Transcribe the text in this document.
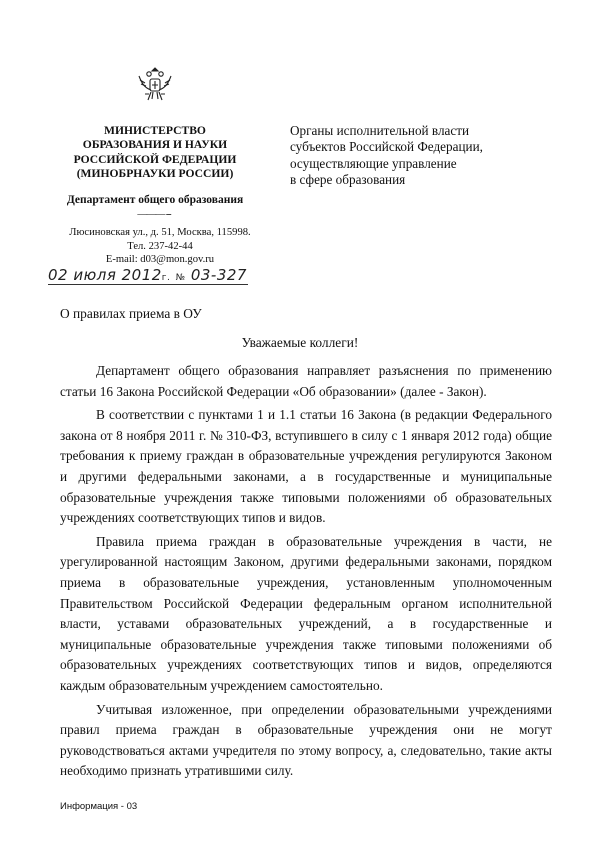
МИНИСТЕРСТВО
ОБРАЗОВАНИЯ И НАУКИ
РОССИЙСКОЙ ФЕДЕРАЦИИ
(МИНОБРНАУКИ РОССИИ)
Департамент общего образования
——— --
Люсиновская ул., д. 51, Москва, 115998.
Тел. 237-42-44
E-mail: d03@mon.gov.ru
02 июля 2012г. № 03-327
Органы исполнительной власти
субъектов Российской Федерации,
осуществляющие управление
в сфере образования
О правилах приема в ОУ
Уважаемые коллеги!

Департамент общего образования направляет разъяснения по применению статьи 16 Закона Российской Федерации «Об образовании» (далее - Закон).

В соответствии с пунктами 1 и 1.1 статьи 16 Закона (в редакции Федерального закона от 8 ноября 2011 г. № 310-ФЗ, вступившего в силу с 1 января 2012 года) общие требования к приему граждан в образовательные учреждения регулируются Законом и другими федеральными законами, а в государственные и муниципальные образовательные учреждения также типовыми положениями об образовательных учреждениях соответствующих типов и видов.

Правила приема граждан в образовательные учреждения в части, не урегулированной настоящим Законом, другими федеральными законами, порядком приема в образовательные учреждения, установленным уполномоченным Правительством Российской Федерации федеральным органом исполнительной власти, уставами образовательных учреждений, а в государственные и муниципальные образовательные учреждения также типовыми положениями об образовательных учреждениях соответствующих типов и видов, определяются каждым образовательным учреждением самостоятельно.

Учитывая изложенное, при определении образовательными учреждениями правил приема граждан в образовательные учреждения они не могут руководствоваться актами учредителя по этому вопросу, а, следовательно, такие акты необходимо признать утратившими силу.

Информация - 03
